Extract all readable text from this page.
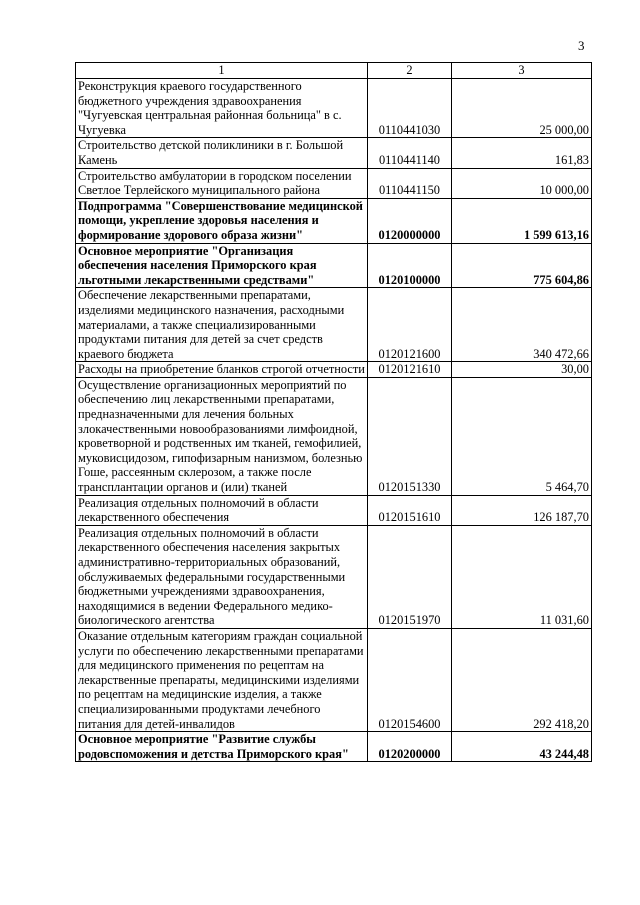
3
1	2	3
Реконструкция краевого государственного бюджетного учреждения здравоохранения "Чугуевская центральная районная больница" в с. Чугуевка	0110441030	25 000,00
Строительство детской поликлиники в г. Большой Камень	0110441140	161,83
Строительство амбулатории в городском поселении Светлое Терлейского муниципального района	0110441150	10 000,00
Подпрограмма "Совершенствование медицинской помощи, укрепление здоровья населения и формирование здорового образа жизни"	0120000000	1 599 613,16
Основное мероприятие "Организация обеспечения населения Приморского края льготными лекарственными средствами"	0120100000	775 604,86
Обеспечение лекарственными препаратами, изделиями медицинского назначения, расходными материалами, а также специализированными продуктами питания для детей за счет средств краевого бюджета	0120121600	340 472,66
Расходы на приобретение бланков строгой отчетности	0120121610	30,00
Осуществление организационных мероприятий по обеспечению лиц лекарственными препаратами, предназначенными для лечения больных злокачественными новообразованиями лимфоидной, кроветворной и родственных им тканей, гемофилией, муковисцидозом, гипофизарным нанизмом, болезнью Гоше, рассеянным склерозом, а также после трансплантации органов и (или) тканей	0120151330	5 464,70
Реализация отдельных полномочий в области лекарственного обеспечения	0120151610	126 187,70
Реализация отдельных полномочий в области лекарственного обеспечения населения закрытых административно-территориальных образований, обслуживаемых федеральными государственными бюджетными учреждениями здравоохранения, находящимися в ведении Федерального медико-биологического агентства	0120151970	11 031,60
Оказание отдельным категориям граждан социальной услуги по обеспечению лекарственными препаратами для медицинского применения по рецептам на лекарственные препараты, медицинскими изделиями по рецептам на медицинские изделия, а также специализированными продуктами лечебного питания для детей-инвалидов	0120154600	292 418,20
Основное мероприятие "Развитие службы родовспоможения и детства Приморского края"	0120200000	43 244,48
